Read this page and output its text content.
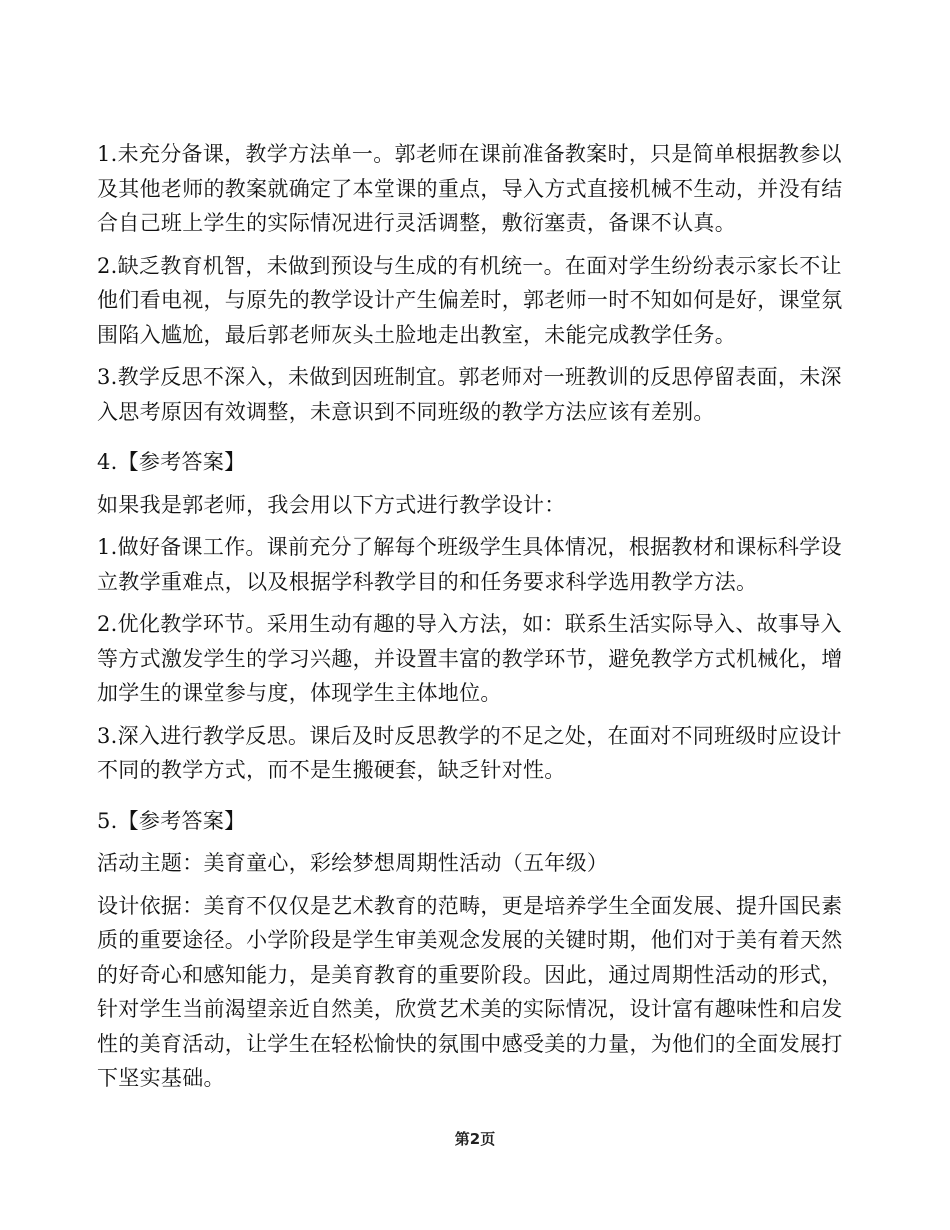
1.未充分备课，教学方法单一。郭老师在课前准备教案时，只是简单根据教参以
及其他老师的教案就确定了本堂课的重点，导入方式直接机械不生动，并没有结
合自己班上学生的实际情况进行灵活调整，敷衍塞责，备课不认真。
2.缺乏教育机智，未做到预设与生成的有机统一。在面对学生纷纷表示家长不让
他们看电视，与原先的教学设计产生偏差时，郭老师一时不知如何是好，课堂氛
围陷入尴尬，最后郭老师灰头土脸地走出教室，未能完成教学任务。
3.教学反思不深入，未做到因班制宜。郭老师对一班教训的反思停留表面，未深
入思考原因有效调整，未意识到不同班级的教学方法应该有差别。
4.【参考答案】
如果我是郭老师，我会用以下方式进行教学设计：
1.做好备课工作。课前充分了解每个班级学生具体情况，根据教材和课标科学设
立教学重难点，以及根据学科教学目的和任务要求科学选用教学方法。
2.优化教学环节。采用生动有趣的导入方法，如：联系生活实际导入、故事导入
等方式激发学生的学习兴趣，并设置丰富的教学环节，避免教学方式机械化，增
加学生的课堂参与度，体现学生主体地位。
3.深入进行教学反思。课后及时反思教学的不足之处，在面对不同班级时应设计
不同的教学方式，而不是生搬硬套，缺乏针对性。
5.【参考答案】
活动主题：美育童心，彩绘梦想周期性活动（五年级）
设计依据：美育不仅仅是艺术教育的范畴，更是培养学生全面发展、提升国民素
质的重要途径。小学阶段是学生审美观念发展的关键时期，他们对于美有着天然
的好奇心和感知能力，是美育教育的重要阶段。因此，通过周期性活动的形式，
针对学生当前渴望亲近自然美，欣赏艺术美的实际情况，设计富有趣味性和启发
性的美育活动，让学生在轻松愉快的氛围中感受美的力量，为他们的全面发展打
下坚实基础。
第2页
